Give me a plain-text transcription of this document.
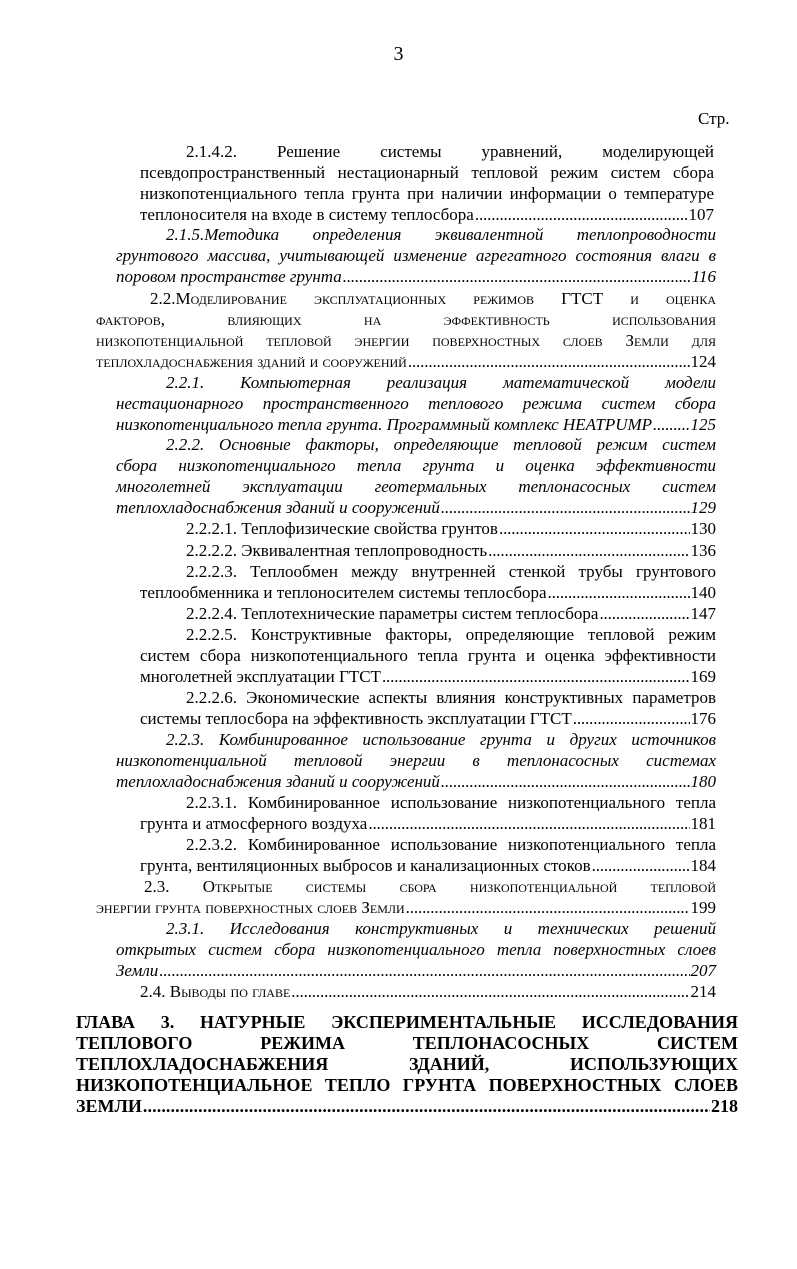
3
Стр.
2.1.4.2. Решение системы уравнений, моделирующей
псевдопространственный нестационарный тепловой режим систем сбора
низкопотенциального тепла грунта при наличии информации о температуре
теплоносителя на входе в систему теплосбора . . .	107
2.1.5.Методика определения эквивалентной теплопроводности
грунтового массива, учитывающей изменение агрегатного состояния влаги в
поровом пространстве грунта . . .	116
2.2.Моделирование эксплуатационных режимов ГТСТ и оценка
факторов, влияющих на эффективность использования
низкопотенциальной тепловой энергии поверхностных слоев Земли для
теплохладоснабжения зданий и сооружений . . .	124
2.2.1. Компьютерная реализация математической модели
нестационарного пространственного теплового режима систем сбора
низкопотенциального тепла грунта. Программный комплекс HEATPUMP . . . 125
2.2.2. Основные факторы, определяющие тепловой режим систем
сбора низкопотенциального тепла грунта и оценка эффективности
многолетней эксплуатации геотермальных теплонасосных систем
теплохладоснабжения зданий и сооружений . . .	129
2.2.2.1. Теплофизические свойства грунтов . . .	130
2.2.2.2. Эквивалентная теплопроводность . . .	136
2.2.2.3. Теплообмен между внутренней стенкой трубы грунтового
теплообменника и теплоносителем системы теплосбора . . .	140
2.2.2.4. Теплотехнические параметры систем теплосбора . . .	147
2.2.2.5. Конструктивные факторы, определяющие тепловой режим
систем сбора низкопотенциального тепла грунта и оценка эффективности
многолетней эксплуатации ГТСТ . . .	169
2.2.2.6. Экономические аспекты влияния конструктивных параметров
системы теплосбора на эффективность эксплуатации ГТСТ . . .	176
2.2.3. Комбинированное использование грунта и других источников
низкопотенциальной тепловой энергии в теплонасосных системах
теплохладоснабжения зданий и сооружений . . .	180
2.2.3.1. Комбинированное использование низкопотенциального тепла
грунта и атмосферного воздуха . . .	181
2.2.3.2. Комбинированное использование низкопотенциального тепла
грунта, вентиляционных выбросов и канализационных стоков . . .	184
2.3. Открытые системы сбора низкопотенциальной тепловой
энергии грунта поверхностных слоев Земли . . .	199
2.3.1. Исследования конструктивных и технических решений
открытых систем сбора низкопотенциального тепла поверхностных слоев
Земли . . .	207
2.4. Выводы по главе . . .	214
ГЛАВА 3. НАТУРНЫЕ ЭКСПЕРИМЕНТАЛЬНЫЕ ИССЛЕДОВАНИЯ
ТЕПЛОВОГО РЕЖИМА ТЕПЛОНАСОСНЫХ СИСТЕМ
ТЕПЛОХЛАДОСНАБЖЕНИЯ ЗДАНИЙ, ИСПОЛЬЗУЮЩИХ
НИЗКОПОТЕНЦИАЛЬНОЕ ТЕПЛО ГРУНТА ПОВЕРХНОСТНЫХ СЛОЕВ
ЗЕМЛИ . . .	218
